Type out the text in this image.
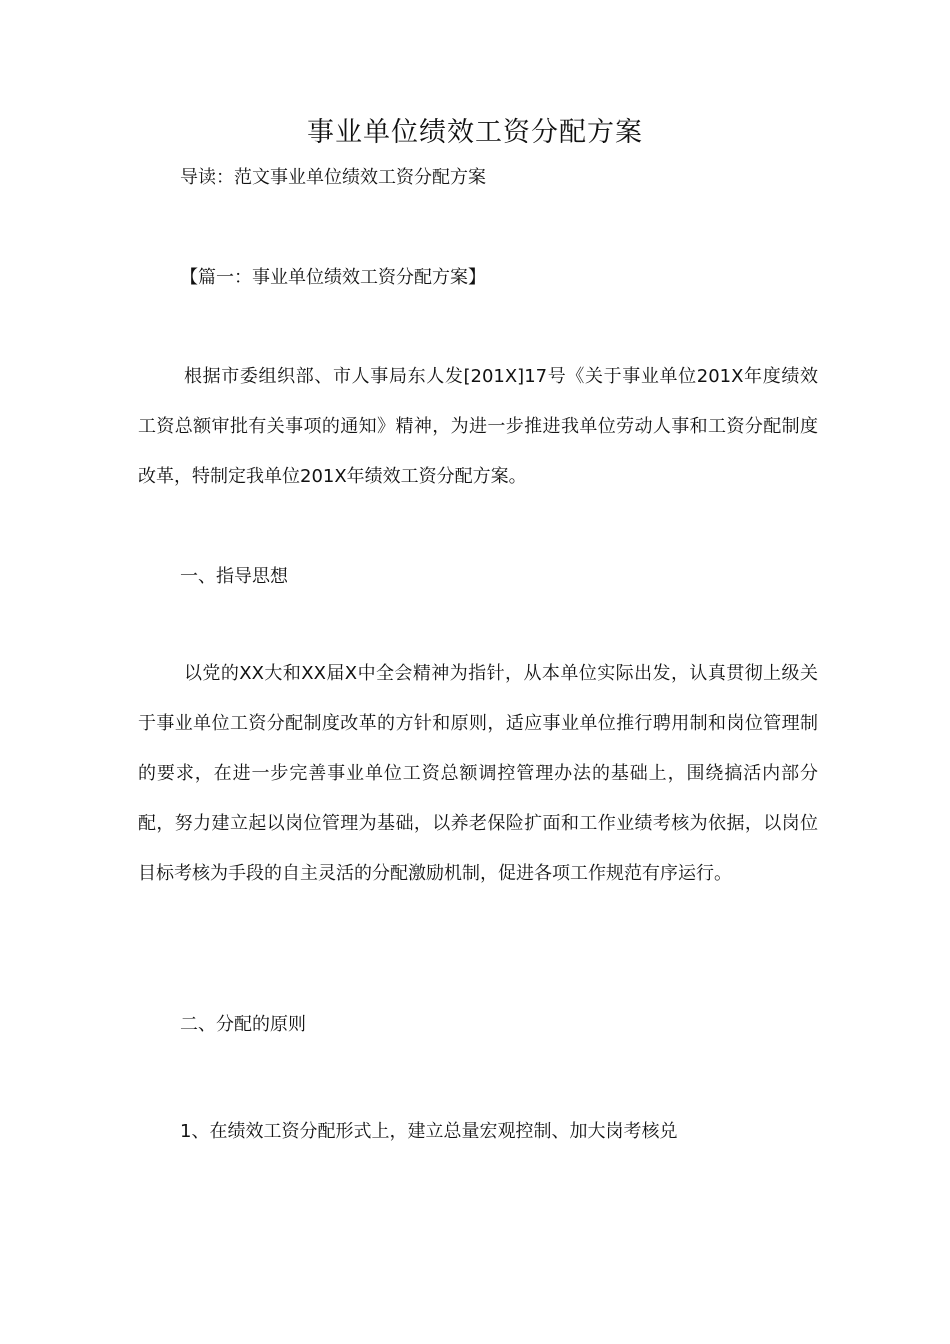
事业单位绩效工资分配方案

导读：范文事业单位绩效工资分配方案

【篇一：事业单位绩效工资分配方案】

根据市委组织部、市人事局东人发[201X]17号《关于事业单位201X年度绩效工资总额审批有关事项的通知》精神，为进一步推进我单位劳动人事和工资分配制度改革，特制定我单位201X年绩效工资分配方案。

一、指导思想

以党的XX大和XX届X中全会精神为指针，从本单位实际出发，认真贯彻上级关于事业单位工资分配制度改革的方针和原则，适应事业单位推行聘用制和岗位管理制的要求，在进一步完善事业单位工资总额调控管理办法的基础上，围绕搞活内部分配，努力建立起以岗位管理为基础，以养老保险扩面和工作业绩考核为依据，以岗位目标考核为手段的自主灵活的分配激励机制，促进各项工作规范有序运行。

二、分配的原则

1、在绩效工资分配形式上，建立总量宏观控制、加大岗考核兑
